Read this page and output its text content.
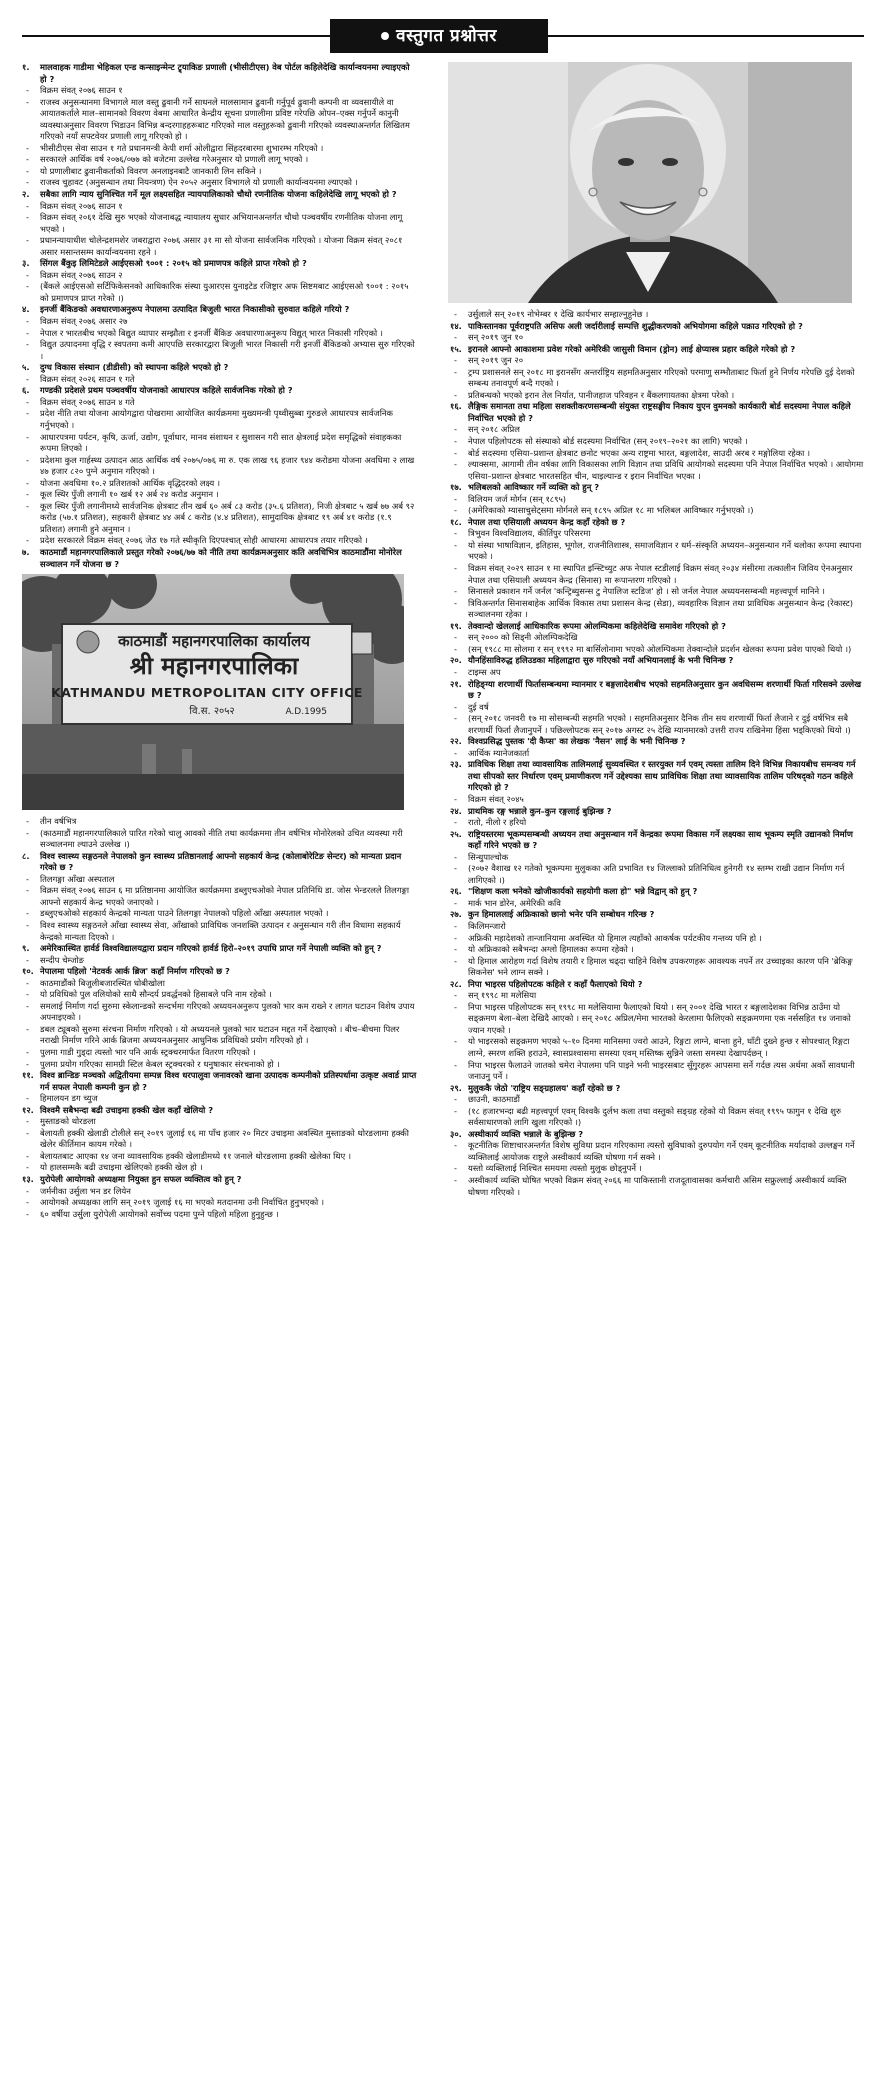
वस्तुगत प्रश्नोत्तर
१.	मालवाहक गाडीमा भेहिकल एन्ड कन्साइन्मेन्ट ट्र्याकिङ प्रणाली (भीसीटीएस) वेब पोर्टल कहिलेदेखि कार्यान्वयनमा ल्याइएको हो ?
- विक्रम संवत् २०७६ साउन १
- राजस्व अनुसन्धानमा विभागले माल वस्तु ढुवानी गर्ने साधनले मालसामान ढुवानी गर्नुपूर्व ढुवानी कम्पनी वा व्यवसायीले वा आयातकर्ताले माल–सामानको विवरण वेबमा आधारित केन्द्रीय सूचना प्रणालीमा प्रविष्ट गरेपछि ओपन–एक्स गर्नुपर्ने कानुनी व्यवस्थाअनुसार विवरण भिडाउन विभिन्न बन्दरगाहहरूबाट गरिएको माल वस्तुहरूको ढुवानी गरिएको व्यवस्थाअन्तर्गत लिखितम गरिएको नयाँ सफ्टवेयर प्रणाली लागू गरिएको हो ।
- भीसीटीएस सेवा साउन १ गते प्रधानमन्त्री केपी शर्मा ओलीद्वारा सिंहदरबारमा शुभारम्भ गरिएको ।
- सरकारले आर्थिक वर्ष २०७६/०७७ को बजेटमा उल्लेख गरेअनुसार यो प्रणाली लागू भएको ।
- यो प्रणालीबाट ढुवानीकर्ताको विवरण अनलाइनबाटै जानकारी लिन सकिने ।
- राजस्व चुहावट (अनुसन्धान तथा नियन्त्रण) ऐन २०५२ अनुसार विभागले यो प्रणाली कार्यान्वयनमा ल्याएको ।
२.	सबैका लागि न्याय सुनिश्चित गर्ने मूल लक्ष्यसहित न्यायपालिकाको चौथो रणनीतिक योजना कहिलेदेखि लागू भएको हो ?
- विक्रम संवत् २०७६ साउन १
- विक्रम संवत् २०६१ देखि सुरु भएको योजनाबद्ध न्यायालय सुधार अभियानअन्तर्गत चौथो पञ्चवर्षीय रणनीतिक योजना लागू भएको ।
- प्रधानन्यायाधीश चोलेन्द्रशमशेर जबराद्वारा २०७६ असार ३१ मा सो योजना सार्वजनिक गरिएको । योजना विक्रम संवत् २०८१ असार मसान्तसम्म कार्यान्वयनमा रहने ।
३.	सिंगल बैंकुइ लिमिटेडले आईएसओ ९००१ : २०१५ को प्रमाणपत्र कहिले प्राप्त गरेको हो ?
- विक्रम संवत् २०७६ साउन २
- (बैंकले आईएसओ सर्टिफिकेसनको आधिकारिक संस्था युआरएस युनाइटेड रजिष्ट्रार अफ सिष्टमबाट आईएसओ ९००१ : २०१५ को प्रमाणपत्र प्राप्त गरेको ।)
४.	इनर्जी बैंकिङको अवधारणाअनुरूप नेपालमा उत्पादित बिजुली भारत निकासीको सुरुवात कहिले गरियो ?
- विक्रम संवत् २०७६ असार २७
- नेपाल र भारतबीच भएको बिद्युत व्यापार सम्झौता र इनर्जी बैंकिङ अवधारणाअनुरूप विद्युत् भारत निकासी गरिएको ।
- विद्युत उत्पादनमा वृद्धि र स्वपतमा कमी आएपछि सरकारद्वारा बिजुली भारत निकासी गरी इनर्जी बैंकिङको अभ्यास सुरु गरिएको ।
५.	दुग्ध विकास संस्थान (डीडीसी) को स्थापना कहिले भएको हो ?
- विक्रम संवत् २०२६ साउन १ गते
६.	गण्डकी प्रदेशले प्रथम पञ्चवर्षीय योजनाको आधारपत्र कहिले सार्वजनिक गरेको हो ?
- विक्रम संवत् २०७६ साउन ४ गते
- प्रदेश नीति तथा योजना आयोगद्वारा पोखरामा आयोजित कार्यक्रममा मुख्यमन्त्री पृथ्वीसुब्बा गुरुङले आधारपत्र सार्वजनिक गर्नुभएको ।
- आधारपत्रमा पर्यटन, कृषि, ऊर्जा, उद्योग, पूर्वाधार, मानव संशाधन र सुशासन गरी सात क्षेत्रलाई प्रदेश समृद्धिको संवाहकका रूपमा लिएको ।
- प्रदेशमा कुल गार्हस्थ्य उत्पादन आठ आर्थिक वर्ष २०७५/०७६ मा रु. एक लाख ९६ हजार ९४४ करोडमा योजना अवधिमा २ लाख ४७ हजार ८२० पुग्ने अनुमान गरिएको ।
- योजना अवधिमा १०.२ प्रतिशतको आर्थिक वृद्धिदरको लक्ष्य ।
- कूल स्थिर पुँजी लगानी १० खर्ब १२ अर्ब २४ करोड अनुमान ।
- कूल स्थिर पुँजी लगानीमध्ये सार्वजनिक क्षेत्रबाट तीन खर्ब ६० अर्ब ८३ करोड (३५.६ प्रतिशत), निजी क्षेत्रबाट ५ खर्ब ७७ अर्ब ९२ करोड (५७.१ प्रतिशत), सहकारी क्षेत्रबाट ४४ अर्ब ८ करोड (४.४ प्रतिशत), सामुदायिक क्षेत्रबाट १९ अर्ब ४१ करोड (१.९ प्रतिशत) लगानी हुने अनुमान ।
- प्रदेश सरकारले विक्रम संवत् २०७६ जेठ १७ गते स्थीकृति दिएपश्चात् सोही आधारमा आधारपत्र तयार गरिएको ।
७.	काठमाडौं महानगरपालिकाले प्रस्तुत गरेको २०७६/७७ को नीति तथा कार्यक्रमअनुसार कति अवधिभित्र काठमाडौंमा मोनोरेल सञ्चालन गर्ने योजना छ ?
काठमाडौं महानगरपालिका कार्यालय
श्री महानगरपालिका
KATHMANDU METROPOLITAN CITY OFFICE
वि.स. २०५२	A.D.1995
- तीन वर्षभित्र
- (काठमाडौं महानगरपालिकाले पारित गरेको चालु आवको नीति तथा कार्यक्रममा तीन वर्षभित्र मोनोरेलको उचित व्यवस्था गरी सञ्चालनमा ल्याउने उल्लेख ।)
८.	विश्व स्वास्थ्य सङ्गठनले नेपालको कुन स्वास्थ्य प्रतिष्ठानलाई आफ्नो सहकार्य केन्द्र (कोलाबोरेटिङ सेन्टर) को मान्यता प्रदान गरेको छ ?
- तिलगङ्गा आँखा अस्पताल
- विक्रम संवत् २०७६ साउन ६ मा प्रतिष्ठानमा आयोजित कार्यक्रममा डब्लुएचओको नेपाल प्रतिनिधि डा. जोस भेन्डरलले तिलगङ्गा आफ्नो सहकार्य केन्द्र भएको जनाएको ।
- डब्लुएचओको सहकार्य केन्द्रको मान्यता पाउने तिलगङ्गा नेपालको पहिलो आँखा अस्पताल भएको ।
- विश्व स्वास्थ्य सङ्गठनले आँखा स्वास्थ्य सेवा, आँखाको प्राविधिक जनशक्ति उत्पादन र अनुसन्धान गरी तीन विधामा सहकार्य केन्द्रको मान्यता दिएको ।
९.	अमेरिकास्थित हार्वर्ड विश्वविद्यालयद्वारा प्रदान गरिएको हार्वर्ड हिरो–२०१९ उपाधि प्राप्त गर्ने नेपाली व्यक्ति को हुन् ?
- सन्दीप चेम्जोङ
१०. नेपालमा पहिलो 'नेटवर्क आर्क ब्रिज' कहाँ निर्माण गरिएको छ ?
- काठमाडौंको बिजुलीबजारस्थित धोबीखोला
- यो प्रविधिको पुल वलियोको साथै सौन्दर्य प्रवर्द्धनको हिसाबले पनि नाम रहेको ।
- समलाई निर्माण गर्दा सुरुमा स्केलान्डको सन्दर्भमा गरिएको अध्ययनअनुरूप पुलको भार कम राख्ने र लागत घटाउन विशेष उपाय अपनाइएको ।
- डबल ट्यूबको सुरुमा संरचना निर्माण गरिएको । यो अध्ययनले पुलको भार घटाउन मद्दत गर्ने देखाएको । बीच–बीचमा पिलर नराखी निर्माण गरिने आर्क ब्रिजमा अध्ययनअनुसार आधुनिक प्रविधिको प्रयोग गरिएको हो ।
- पुलमा गाडी गुड्दा त्यस्तो भार पनि आर्क स्ट्रक्चरमार्फत वितरण गरिएको ।
- पुलमा प्रयोग गरिएका सामग्री स्टिल केबल स्ट्रक्चरको र धनुषाकार संरचनाको हो ।
११. विश्व ब्रान्डिङ मञ्चको अद्वितीयमा सम्पन्न विश्व धरपालुवा जनावरको खाना उत्पादक कम्पनीको प्रतिस्पर्धामा उत्कृष्ट अवार्ड प्राप्त गर्न सफल नेपाली कम्पनी कुन हो ?
- हिमालयन डग च्युज
१२. विश्वमै सबैभन्दा बढी उचाइमा हक्की खेल कहाँ खेलियो ?
- मुस्ताङको थोरङला
- बेलायती हक्की खेलाडी टोलीले सन् २०१९ जुलाई १६ मा पाँच हजार २० मिटर उचाइमा अवस्थित मुस्ताङको थोरङलामा हक्की खेलेर कीर्तिमान कायम गरेको ।
- बेलायतबाट आएका १४ जना व्यावसायिक हक्की खेलाडीमध्ये ११ जनाले थोरङलामा हक्की खेलेका थिए ।
- यो हालसम्मकै बढी उचाइमा खेलिएको हक्की खेल हो ।
१३. युरोपेली आयोगको अध्यक्षमा नियुक्त हुन सफल व्यक्तित्व को हुन् ?
- जर्मनीका उर्सुला भन डर लियेन
- आयोगको अध्यक्षका लागि सन् २०१९ जुलाई १६ मा भएको मतदानमा उनी निर्वाचित हुनुभएको ।
- ६० वर्षीया उर्सुला युरोपेली आयोगको सर्वोच्च पदमा पुग्ने पहिलो महिला हुनुहुन्छ ।
- उर्सुलाले सन् २०१९ नोभेम्बर १ देखि कार्यभार सम्हाल्नुहुनेछ ।
१४. पाकिस्तानका पूर्वराष्ट्रपति असिफ अली जर्दारीलाई सम्पत्ति शुद्धीकरणको अभियोगमा कहिले पक्राउ गरिएको हो ?
- सन् २०१९ जुन १०
१५. इरानले आफ्नो आकाशमा प्रवेश गरेको अमेरिकी जासुसी विमान (ड्रोन) लाई क्षेप्यास्त्र प्रहार कहिले गरेको हो ?
- सन् २०१९ जुन २०
- ट्रम्प प्रशासनले सन् २०१८ मा इरानसँग अन्तर्राष्ट्रिय सहमतिअनुसार गरिएको परमाणु सम्भौताबाट फिर्ता हुने निर्णय गरेपछि दुई देशको सम्बन्ध तनावपूर्ण बन्दै गएको ।
- प्रतिबन्धको भएको इरान तेल निर्यात, पानीजहाज परिवहन र बैंकलगायतका क्षेत्रमा परेको ।
१६. लैङ्गिक समानता तथा महिला सशक्तीकरणसम्बन्धी संयुक्त राष्ट्रसङ्घीय निकाय युएन वुमनको कार्यकारी बोर्ड सदस्यमा नेपाल कहिले निर्वाचित भएको हो ?
- सन् २०१८ अप्रिल
- नेपाल पहिलोपटक सो संस्थाको बोर्ड सदस्यमा निर्वाचित (सन् २०१९–२०२१ का लागि) भएको ।
- बोर्ड सदस्यमा एसिया–प्रशान्त क्षेत्रबाट छनोट भएका अन्य राष्ट्रमा भारत, बङ्गलादेश, साउदी अरब र मङ्गोलिया रहेका ।
- ल्याक्समा, आगामी तीन वर्षका लागि विकासका लागि विज्ञान तथा प्रविधि आयोगको सदस्यमा पनि नेपाल निर्वाचित भएको । आयोगमा एसिया–प्रशान्त क्षेत्रबाट भारतसहित चीन, थाइल्यान्ड र इरान निर्वाचित भएका ।
१७. भलिबलको आविष्कार गर्ने व्यक्ति को हुन् ?
- विलियम जर्ज मोर्गन (सन् १८९५)
- (अमेरिकाको म्यासाचुसेट्समा मोर्गनले सन् १८९५ अप्रिल १८ मा भलिबल आविष्कार गर्नुभएको ।)
१८. नेपाल तथा एसियाली अध्ययन केन्द्र कहाँ रहेको छ ?
- त्रिभुवन विश्वविद्यालय, कीर्तिपुर परिसरमा
- यो संस्था भाषाविज्ञान, इतिहास, भूगोल, राजनीतिशास्त्र, समाजविज्ञान र धर्म–संस्कृति अध्ययन–अनुसन्धान गर्ने थलोका रूपमा स्थापना भएको ।
- विक्रम संवत् २०२९ साउन १ मा स्थापित इन्स्टिच्युट अफ नेपाल स्टडीलाई विक्रम संवत् २०३४ मंसीरमा तत्कालीन जिविय ऐनअनुसार नेपाल तथा एसियाली अध्ययन केन्द्र (सिनास) मा रूपान्तरण गरिएको ।
- सिनासले प्रकाशन गर्ने जर्नल 'कन्ट्रिब्युसन्स टु नेपालिज स्टडिज' हो । सो जर्नल नेपाल अध्ययनसम्बन्धी महत्त्वपूर्ण मानिने ।
- त्रिविअन्तर्गत सिनासबाहेक आर्थिक विकास तथा प्रशासन केन्द्र (सेडा), व्यवहारिक विज्ञान तथा प्राविधिक अनुसन्धान केन्द्र (रेकास्ट) सञ्चालनमा रहेका ।
१९. तेक्वान्दो खेललाई आधिकारिक रूपमा ओलम्पिकमा कहिलेदेखि समावेश गरिएको हो ?
- सन् २००० को सिड्नी ओलम्पिकदेखि
- (सन् १९८८ मा सोलमा र सन् १९९२ मा बार्सिलोनामा भएको ओलम्पिकमा तेक्वान्दोले प्रदर्शन खेलका रूपमा प्रवेश पाएको थियो ।)
२०. यौनहिंसाविरुद्ध हलिउडका महिलाद्वारा सुरु गरिएको नयाँ अभियानलाई के भनी चिनिन्छ ?
- टाइम्स अप
२१. रोहिङ्ग्या शरणार्थी फिर्तासम्बन्धमा म्यानमार र बङ्गलादेशबीच भएको सहमतिअनुसार कुन अवधिसम्म शरणार्थी फिर्ता गरिसक्ने उल्लेख छ ?
- दुई वर्ष
- (सन् २०१८ जनवरी १७ मा सोसम्बन्धी सहमति भएको । सहमतिअनुसार दैनिक तीन सय शरणार्थी फिर्ता लैजाने र दुई वर्षभित्र सबै शरणार्थी फिर्ता लैजानुपर्ने । पछिल्लोपटक सन् २०१७ अगस्ट २५ देखि म्यानमारको उत्तरी राज्य राखिनेमा हिंसा भड्किएको थियो ।)
२२. विश्वप्रसिद्ध पुस्तक 'दी कैप्स' का लेखक 'नैसन' लाई के भनी चिनिन्छ ?
- आर्थिक म्यानेजकार्ता
२३. प्राविधिक शिक्षा तथा व्यावसायिक तालिमलाई सुव्यवस्थित र स्तरयुक्त गर्न एवम् त्यस्ता तालिम दिने विभिन्न निकायबीच समन्वय गर्न तथा सीपको स्तर निर्धारण एवम् प्रमाणीकरण गर्ने उद्देश्यका साथ प्राविधिक शिक्षा तथा व्यावसायिक तालिम परिषद्को गठन कहिले गरिएको हो ?
- विक्रम संवत् २०४५
२४. प्राथमिक रङ्ग भन्नाले कुन–कुन रङ्गलाई बुझिन्छ ?
- रातो, नीलो र हरियो
२५. राष्ट्रियस्तरमा भूकम्पसम्बन्धी अध्ययन तथा अनुसन्धान गर्ने केन्द्रका रूपमा विकास गर्ने लक्ष्यका साथ भूकम्प स्मृति उद्यानको निर्माण कहाँ गरिने भएको छ ?
- सिन्धुपाल्चोक
- (२०७२ वैशाख १२ गतेको भूकम्पमा मुलुकका अति प्रभावित १४ जिल्लाको प्रतिनिधित्व हुनेगरी १४ स्तम्भ राखी उद्यान निर्माण गर्न लागिएको ।)
२६. "शिक्षण कला भनेको खोजीकार्यको सहयोगी कला हो" भन्ने विद्वान् को हुन् ?
- मार्क भान डोरेन, अमेरिकी कवि
२७. कुन हिमाललाई अफ्रिकाको छानो भनेर पनि सम्बोधन गरिन्छ ?
- किलिमन्जारो
- अफ्रिकी महादेशको तान्जानियामा अवस्थित यो हिमाल त्यहाँको आकर्षक पर्यटकीय गन्तव्य पनि हो ।
- यो अफ्रिकाको सबैभन्दा अग्लो हिमालका रूपमा रहेको ।
- यो हिमाल आरोहण गर्दा विशेष तयारी र हिमाल चढ्दा चाहिने विशेष उपकरणहरू आवश्यक नपर्ने तर उच्चाइका कारण पनि 'ब्रेकिङ्ग सिकनेस' भने लाग्न सक्ने ।
२८. निपा भाइरस पहिलोपटक कहिले र कहाँ फैलाएको थियो ?
- सन् १९९८ मा मलेसिया
- निपा भाइरस पहिलोपटक सन् १९९८ मा मलेसियामा फैलाएको थियो । सन् २००१ देखि भारत र बङ्गलादेशका विभिन्न ठाउँमा यो सङ्क्रमण बेला–बेला देखिदै आएको । सन् २०१८ अप्रिल/मेमा भारतको केरलामा फैलिएको सङ्क्रमणमा एक नर्ससहित १४ जनाको ज्यान गएको ।
- यो भाइरसको सङ्क्रमण भएको ५–१० दिनमा मानिसमा ज्वरो आउने, रिङ्गटा लाग्ने, बान्ता हुने, घाँटी दुख्ने हुन्छ र सोपश्चात् रिङ्गटा लाग्ने, स्मरण शक्ति हराउने, स्वासप्रश्वासमा समस्या एवम् मस्तिष्क सुन्निने जस्ता समस्या देखापर्दछन् ।
- निपा भाइरस फैलाउने जातको चमेरा नेपालमा पनि पाइने भनी भाइरसबाट सुँगुरहरू आपसमा सर्ने गर्दछ त्यस अर्थमा अर्को सावधानी जनाउनु पर्ने ।
२९. मुलुककै जेठो 'राष्ट्रिय सङ्ग्रहालय' कहाँ रहेको छ ?
- छाउनी, काठमाडौं
- (१८ हजारभन्दा बढी महत्त्वपूर्ण एवम् विश्वकै दुर्लभ कला तथा वस्तुको सङ्ग्रह रहेको यो विक्रम संवत् १९९५ फागुन १ देखि शुरु सर्वसाधारणको लागि खुला गरिएको ।)
३०. अस्थीकार्य व्यक्ति भन्नाले के बुझिन्छ ?
- कूटनीतिक शिष्टाचारअन्तर्गत विशेष सुविधा प्रदान गरिएकामा त्यस्तो सुविधाको दुरुपयोग गर्ने एवम् कूटनीतिक मर्यादाको उल्लङ्घन गर्ने व्यक्तिलाई आयोजक राष्ट्रले अस्वीकार्य व्यक्ति घोषणा गर्न सक्ने ।
- यस्तो व्यक्तिलाई निश्चित समयमा त्यस्तो मुलुक छोड्नुपर्ने ।
- अस्वीकार्य व्यक्ति घोषित भएको विक्रम संवत् २०६६ मा पाकिस्तानी राजदूतावासका कर्मचारी असिम सफ्रुल्लाई अस्वीकार्य व्यक्ति घोषणा गरिएको ।
